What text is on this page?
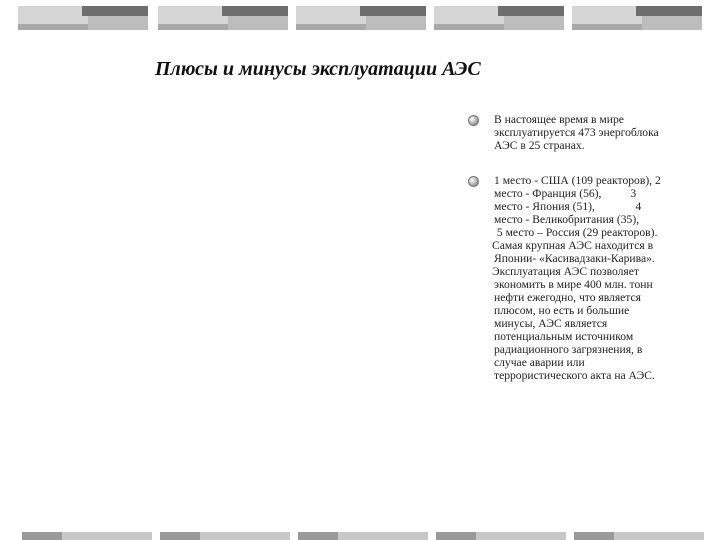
Плюсы и минусы эксплуатации АЭС
В настоящее время в мире
эксплуатируется 473 энергоблока
АЭС в 25 странах.
1 место - США (109 реакторов), 2
место - Франция (56),          3
место - Япония (51),              4
место - Великобритания (35),
5 место – Россия (29 реакторов).
Самая крупная АЭС находится в
Японии- «Касивадзаки-Карива».
Эксплуатация АЭС позволяет
экономить в мире 400 млн. тонн
нефти ежегодно, что является
плюсом, но есть и большие
минусы, АЭС является
потенциальным источником
радиационного загрязнения, в
случае аварии или
террористического акта на АЭС.
